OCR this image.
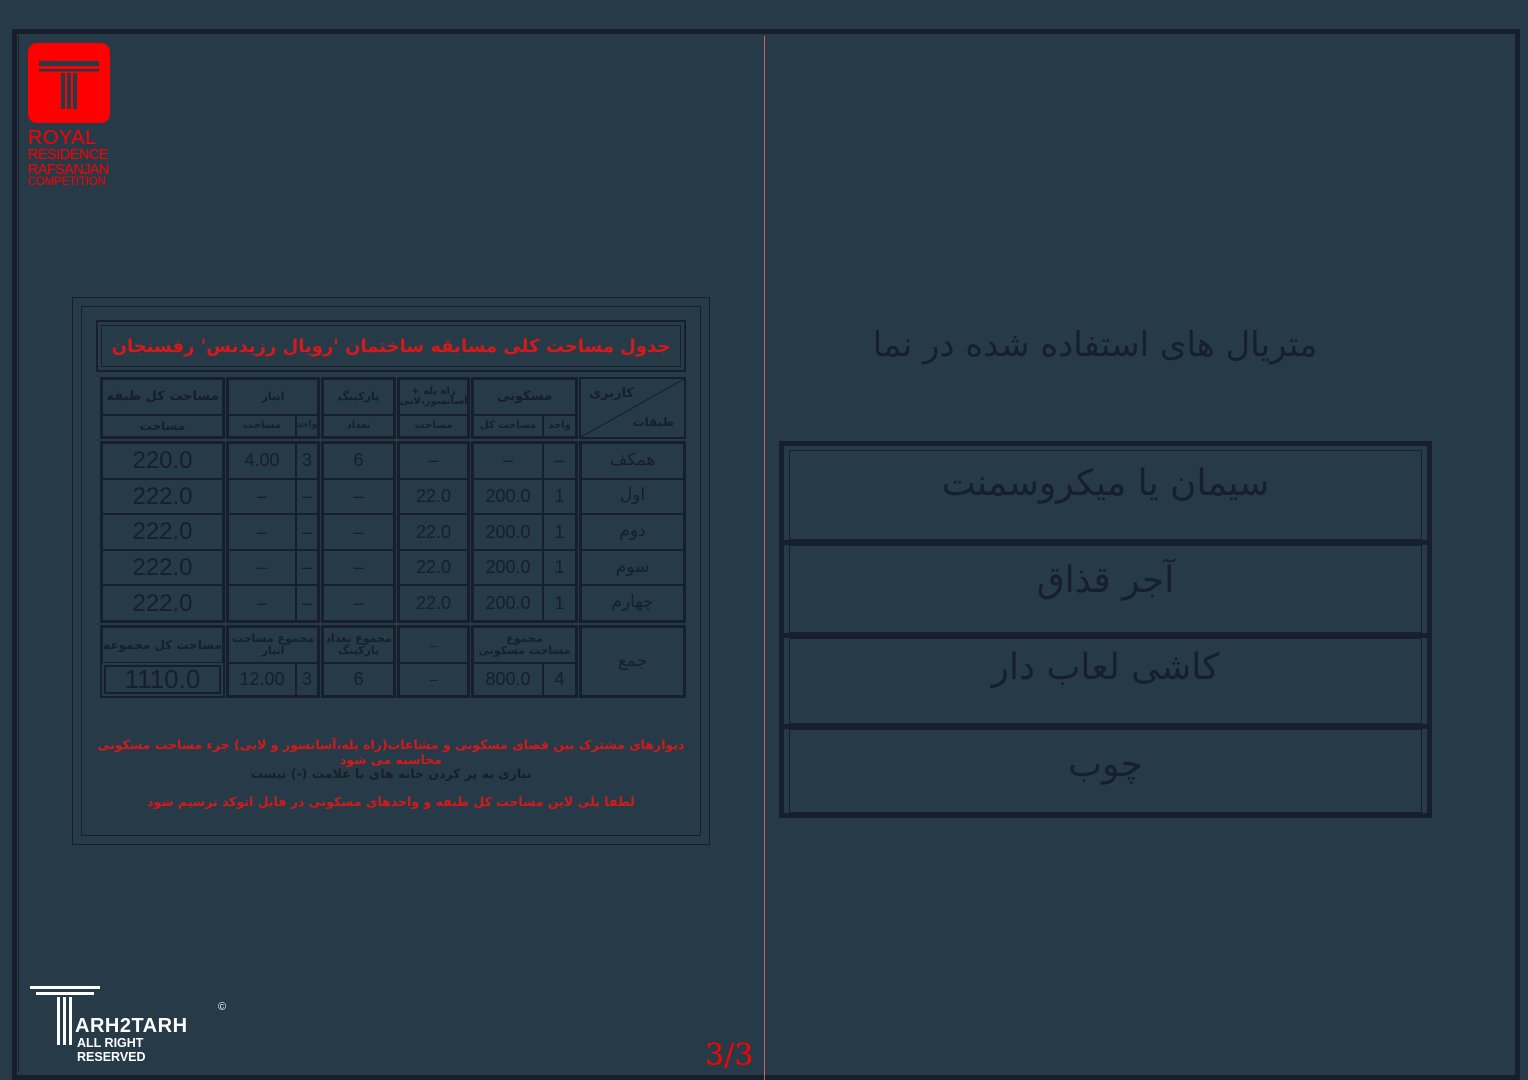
ROYAL
RESIDENCE
RAFSANJAN
COMPETITION
جدول مساحت کلی مسابقه ساختمان 'رویال رزیدنس' رفسنجان
کاربری
طبقات
مسکونی
واحد
مساحت کل
راه پله +
آسانسور،لابی
مساحت
پارکینگ
تعداد
انبار
واحد
مساحت
مساحت کل طبقه
مساحت
همکف
–
–
–
6
3
4.00
220.0
اول
1
200.0
22.0
–
–
–
222.0
دوم
1
200.0
22.0
–
–
–
222.0
سوم
1
200.0
22.0
–
–
–
222.0
چهارم
1
200.0
22.0
–
–
–
222.0
جمع
مجموع
مساحت مسکونی
4
800.0
–
–
مجموع تعداد
پارکینگ
6
مجموع مساحت
انبار
3
12.00
مساحت کل مجموعه
1110.0
دیوارهای مشترک بین فضای مسکونی و مشاعات(راه پله،آسانسور و لابی) جزء مساحت مسکونی محاسبه می شود
نیازی به پر کردن خانه های با علامت (-) نیست
لطفا پلی لاین مساحت کل طبقه و واحدهای مسکونی در فایل اتوکد ترسیم شود
متریال های استفاده شده در نما
سیمان یا میکروسمنت
آجر قذاق
کاشی لعاب دار
چوب
3/3
ARH2TARH
©
ALL RIGHT RESERVED
